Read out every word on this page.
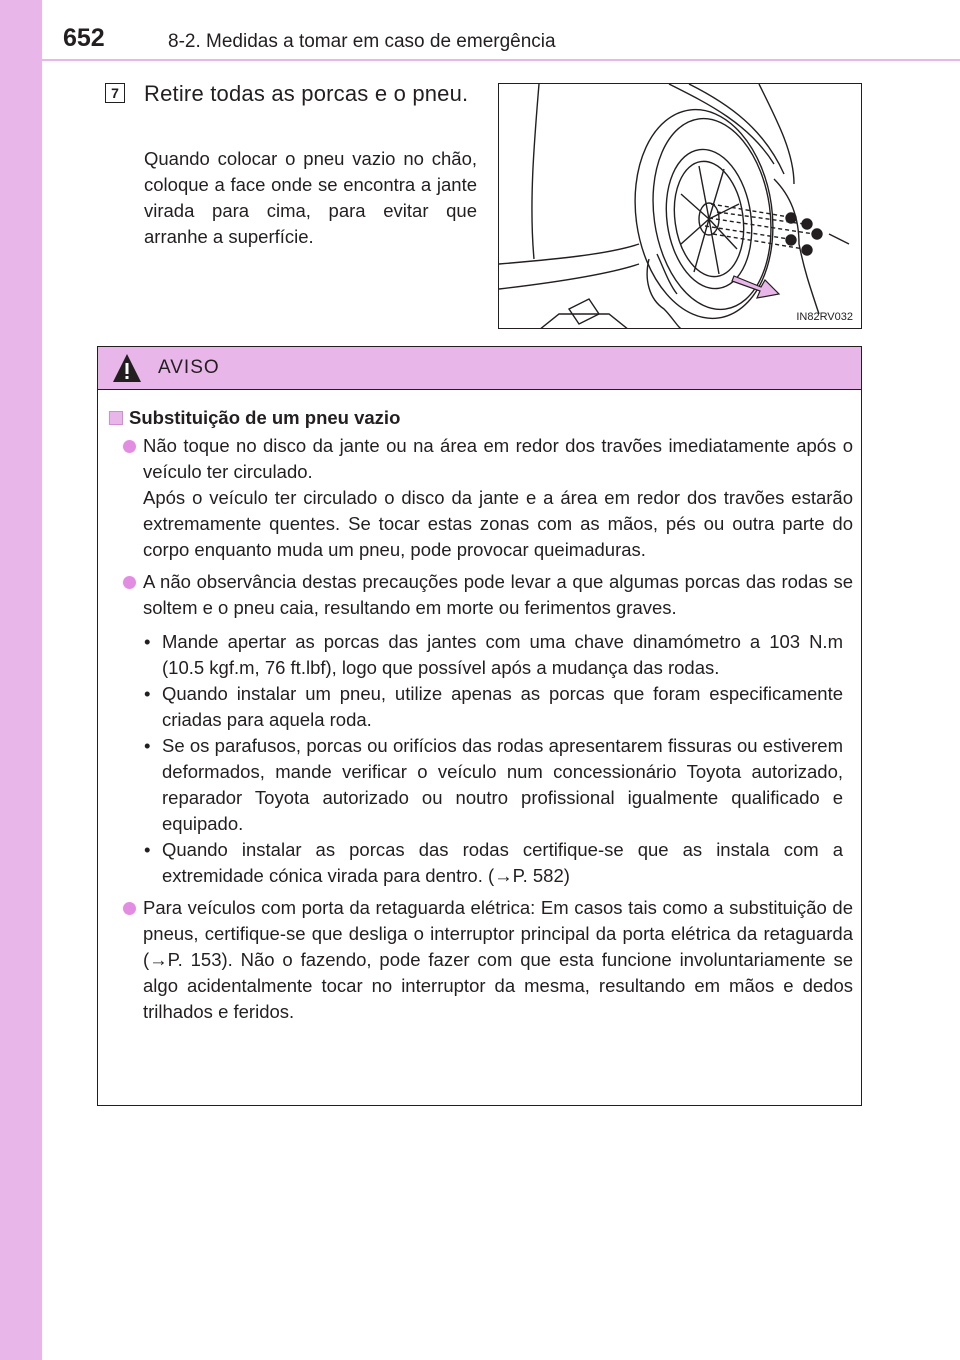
652	8-2. Medidas a tomar em caso de emergência
7 Retire todas as porcas e o pneu.

Quando colocar o pneu vazio no chão, coloque a face onde se encontra a jante virada para cima, para evitar que arranhe a superfície.

IN82RV032
AVISO
Substituição de um pneu vazio

Não toque no disco da jante ou na área em redor dos travões imediatamente após o veículo ter circulado.

Após o veículo ter circulado o disco da jante e a área em redor dos travões estarão extremamente quentes. Se tocar estas zonas com as mãos, pés ou outra parte do corpo enquanto muda um pneu, pode provocar queimaduras.

A não observância destas precauções pode levar a que algumas porcas das rodas se soltem e o pneu caia, resultando em morte ou ferimentos graves.

• Mande apertar as porcas das jantes com uma chave dinamómetro a 103 N.m (10.5 kgf.m, 76 ft.lbf), logo que possível após a mudança das rodas.
• Quando instalar um pneu, utilize apenas as porcas que foram especificamente criadas para aquela roda.
• Se os parafusos, porcas ou orifícios das rodas apresentarem fissuras ou estiverem deformados, mande verificar o veículo num concessionário Toyota autorizado, reparador Toyota autorizado ou noutro profissional igualmente qualificado e equipado.
• Quando instalar as porcas das rodas certifique-se que as instala com a extremidade cónica virada para dentro. (→P. 582)

Para veículos com porta da retaguarda elétrica: Em casos tais como a substituição de pneus, certifique-se que desliga o interruptor principal da porta elétrica da retaguarda (→P. 153). Não o fazendo, pode fazer com que esta funcione involuntariamente se algo acidentalmente tocar no interruptor da mesma, resultando em mãos e dedos trilhados e feridos.
